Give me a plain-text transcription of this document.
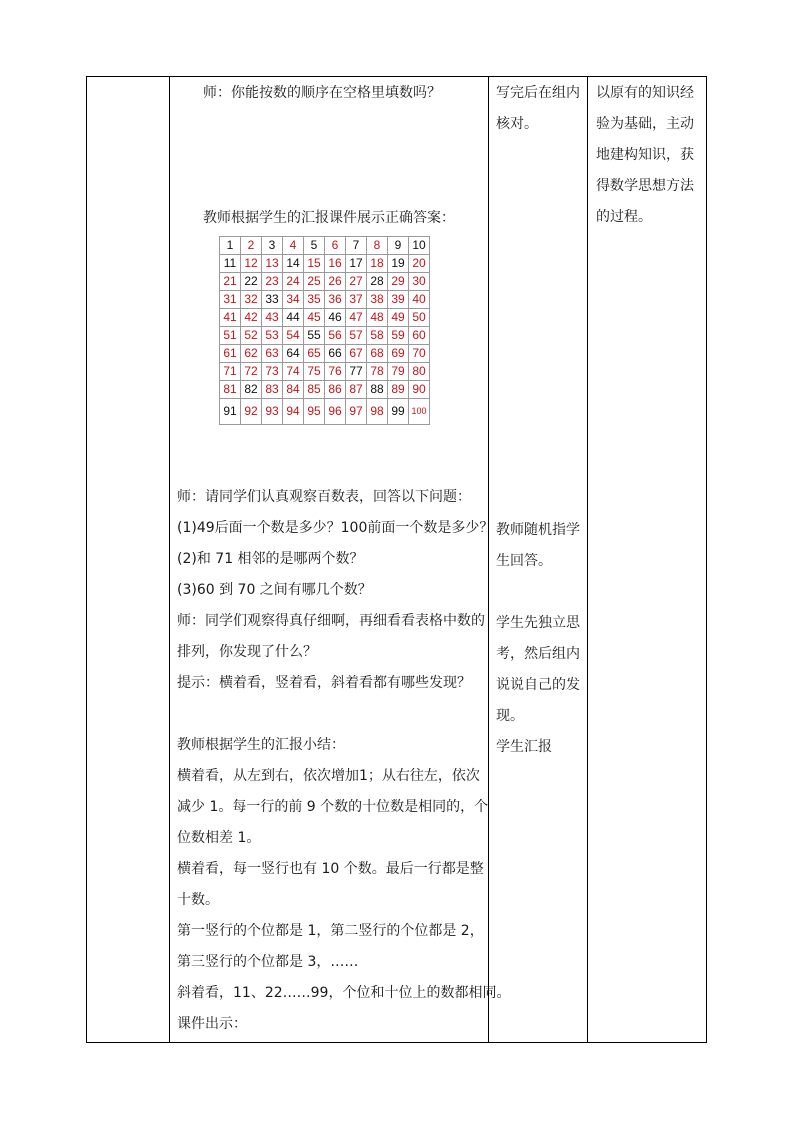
师：你能按数的顺序在空格里填数吗？
教师根据学生的汇报课件展示正确答案：
1	2	3	4	5	6	7	8	9	10
11	12	13	14	15	16	17	18	19	20
21	22	23	24	25	26	27	28	29	30
31	32	33	34	35	36	37	38	39	40
41	42	43	44	45	46	47	48	49	50
51	52	53	54	55	56	57	58	59	60
61	62	63	64	65	66	67	68	69	70
71	72	73	74	75	76	77	78	79	80
81	82	83	84	85	86	87	88	89	90
91	92	93	94	95	96	97	98	99	100
师：请同学们认真观察百数表，回答以下问题：
(1)49后面一个数是多少？100前面一个数是多少？
(2)和 71 相邻的是哪两个数？
(3)60 到 70 之间有哪几个数？
师：同学们观察得真仔细啊，再细看看表格中数的
排列，你发现了什么？
提示：横着看，竖着看，斜着看都有哪些发现？
教师根据学生的汇报小结：
横着看，从左到右，依次增加1；从右往左，依次
减少 1。每一行的前 9 个数的十位数是相同的，个
位数相差 1。
横着看，每一竖行也有 10 个数。最后一行都是整
十数。
第一竖行的个位都是 1，第二竖行的个位都是 2，
第三竖行的个位都是 3，……
斜着看，11、22……99，个位和十位上的数都相同。
课件出示：

写完后在组内
核对。
教师随机指学
生回答。
学生先独立思
考，然后组内
说说自己的发
现。
学生汇报

以原有的知识经
验为基础，主动
地建构知识，获
得数学思想方法
的过程。
